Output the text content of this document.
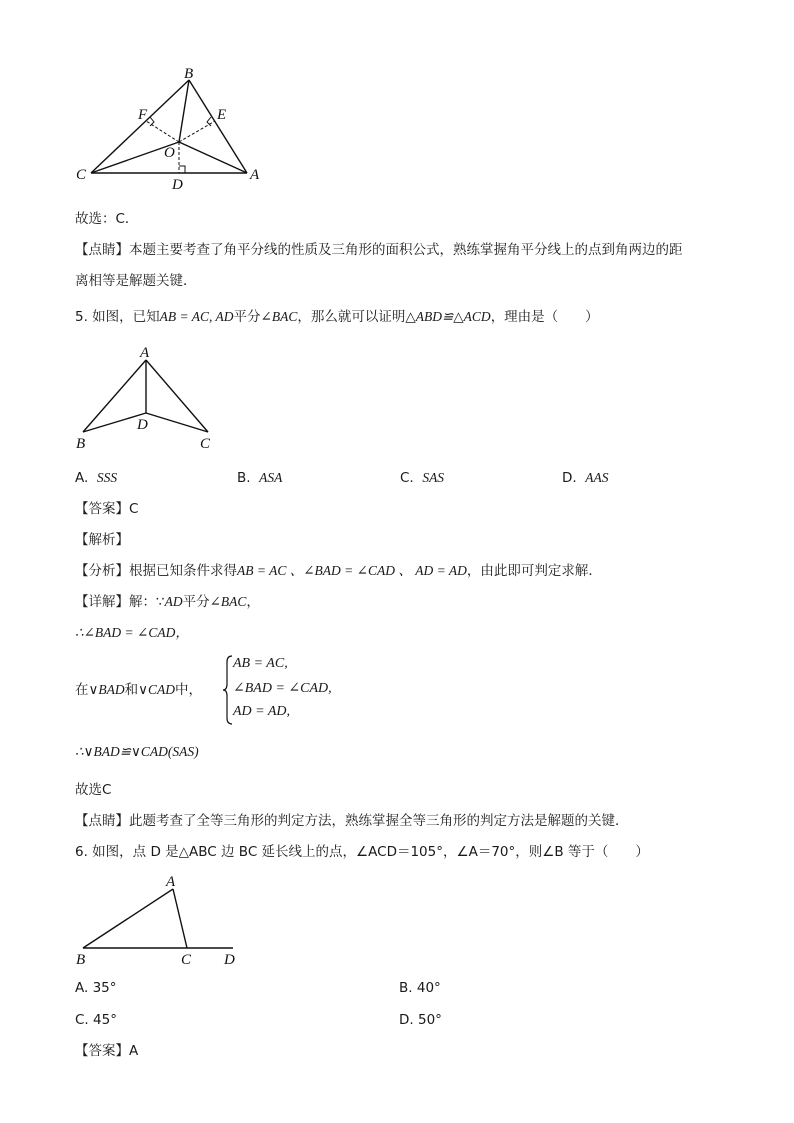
B
F	E
O
C
D
A
故选：C．
【点睛】本题主要考查了角平分线的性质及三角形的面积公式，熟练掌握角平分线上的点到角两边的距
离相等是解题关键．
5. 如图，已知AB = AC, AD平分∠BAC，那么就可以证明△ABD≌△ACD，理由是（　　）
A
D
B	C
A. SSS	B. ASA	C. SAS	D. AAS
【答案】C
【解析】
【分析】根据已知条件求得AB = AC 、∠BAD = ∠CAD 、 AD = AD，由此即可判定求解．
【详解】解：∵AD平分∠BAC，
∴∠BAD = ∠CAD，
在∨BAD和∨CAD中，
AB = AC,
∠BAD = ∠CAD,
AD = AD,
∴∨BAD≌∨CAD(SAS)
故选C
【点睛】此题考查了全等三角形的判定方法，熟练掌握全等三角形的判定方法是解题的关键．
6. 如图，点 D 是△ABC 边 BC 延长线上的点，∠ACD＝105°，∠A＝70°，则∠B 等于（　　）
A
B	C D
A. 35°	B. 40°
C. 45°	D. 50°
【答案】A
